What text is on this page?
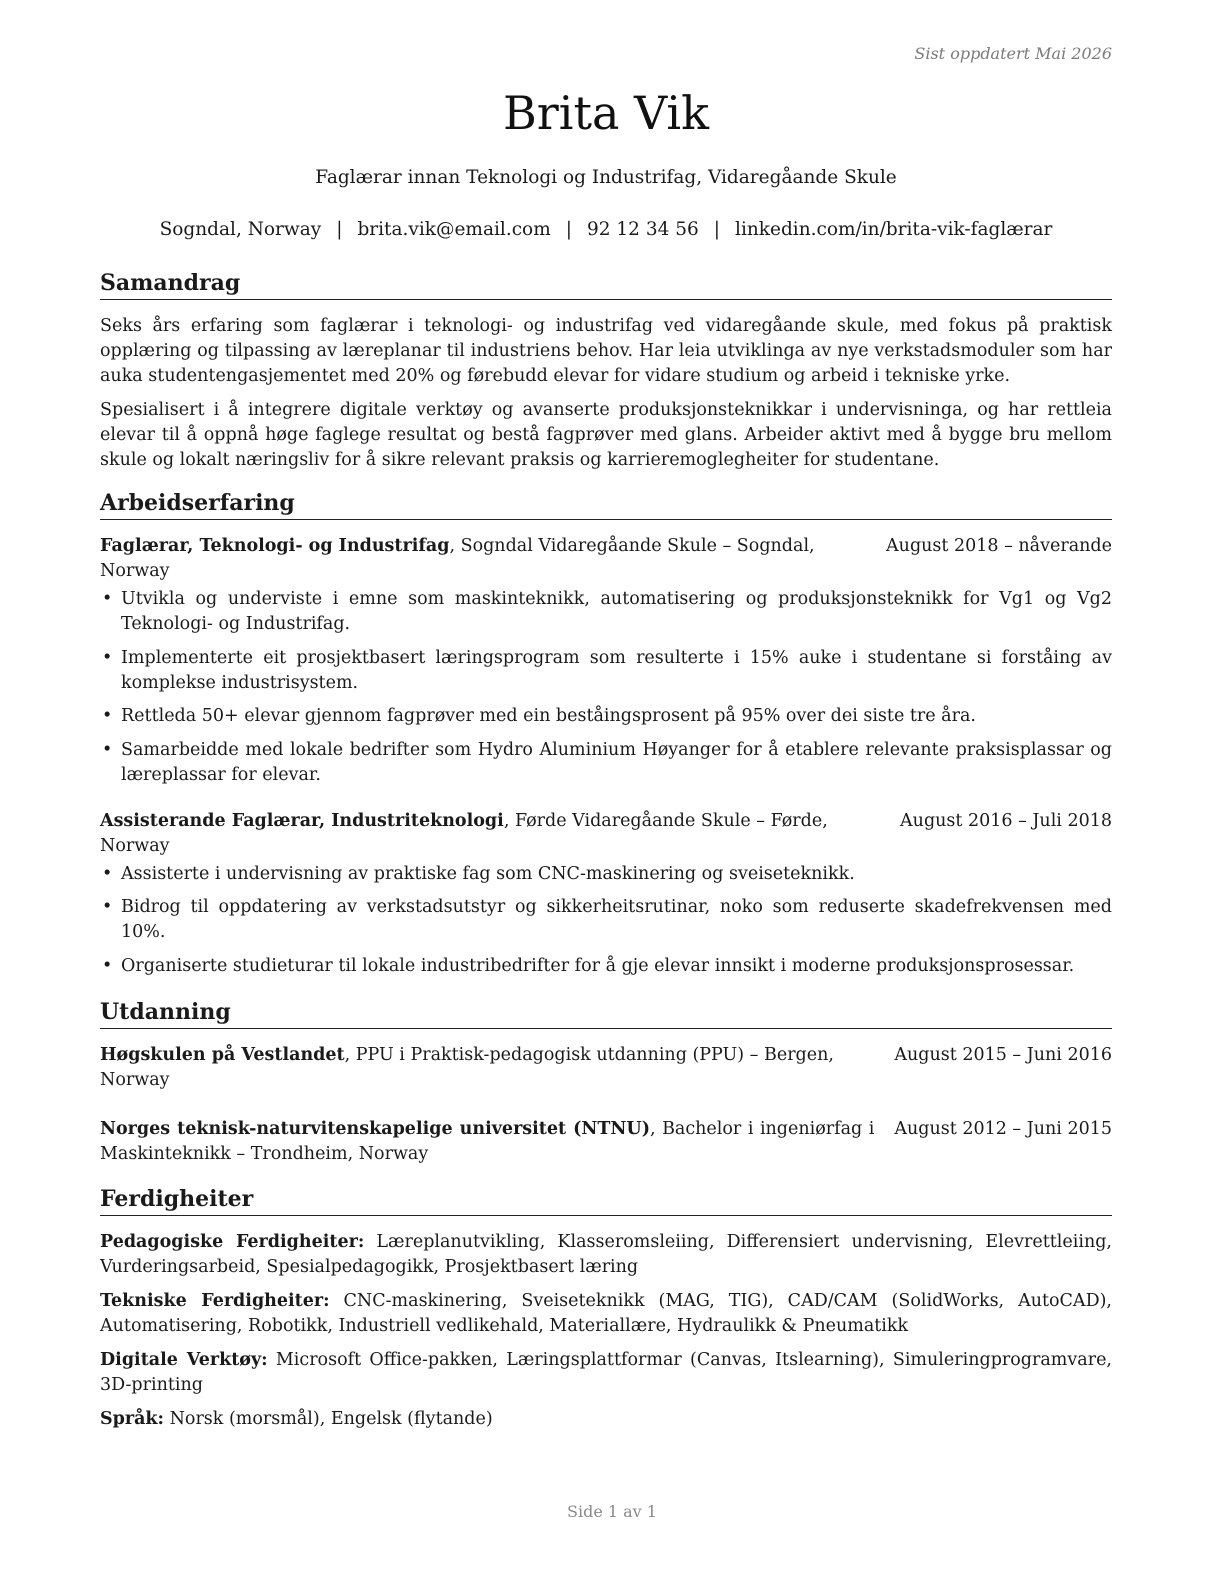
Sist oppdatert Mai 2026
Brita Vik
Faglærar innan Teknologi og Industrifag, Vidaregåande Skule
Sogndal, Norway | brita.vik@email.com | 92 12 34 56 | linkedin.com/in/brita-vik-faglærar
Samandrag

Seks års erfaring som faglærar i teknologi- og industrifag ved vidaregåande skule, med fokus på praktisk opplæring og tilpassing av læreplanar til industriens behov. Har leia utviklinga av nye verkstadsmoduler som har auka studentengasjementet med 20% og førebudd elevar for vidare studium og arbeid i tekniske yrke.

Spesialisert i å integrere digitale verktøy og avanserte produksjonsteknikkar i undervisninga, og har rettleia elevar til å oppnå høge faglege resultat og bestå fagprøver med glans. Arbeider aktivt med å bygge bru mellom skule og lokalt næringsliv for å sikre relevant praksis og karrieremoglegheiter for studentane.

Arbeidserfaring
Faglærar, Teknologi- og Industrifag, Sogndal Vidaregåande Skule – Sogndal, Norway
August 2018 – nåverande
• Utvikla og underviste i emne som maskinteknikk, automatisering og produksjonsteknikk for Vg1 og Vg2 Teknologi- og Industrifag.
• Implementerte eit prosjektbasert læringsprogram som resulterte i 15% auke i studentane si forståing av komplekse industrisystem.
• Rettleda 50+ elevar gjennom fagprøver med ein beståingsprosent på 95% over dei siste tre åra.
• Samarbeidde med lokale bedrifter som Hydro Aluminium Høyanger for å etablere relevante praksisplassar og læreplassar for elevar.
Assisterande Faglærar, Industriteknologi, Førde Vidaregåande Skule – Førde, Norway
August 2016 – Juli 2018
• Assisterte i undervisning av praktiske fag som CNC-maskinering og sveiseteknikk.
• Bidrog til oppdatering av verkstadsutstyr og sikkerheitsrutinar, noko som reduserte skadefrekvensen med 10%.
• Organiserte studieturar til lokale industribedrifter for å gje elevar innsikt i moderne produksjonsprosessar.
Utdanning
Høgskulen på Vestlandet, PPU i Praktisk-pedagogisk utdanning (PPU) – Bergen, Norway
August 2015 – Juni 2016
Norges teknisk-naturvitenskapelige universitet (NTNU), Bachelor i ingeniørfag i Maskinteknikk – Trondheim, Norway
August 2012 – Juni 2015
Ferdigheiter

Pedagogiske Ferdigheiter: Læreplanutvikling, Klasseromsleiing, Differensiert undervisning, Elevrettleiing, Vurderingsarbeid, Spesialpedagogikk, Prosjektbasert læring

Tekniske Ferdigheiter: CNC-maskinering, Sveiseteknikk (MAG, TIG), CAD/CAM (SolidWorks, AutoCAD), Automatisering, Robotikk, Industriell vedlikehald, Materiallære, Hydraulikk & Pneumatikk

Digitale Verktøy: Microsoft Office-pakken, Læringsplattformar (Canvas, Itslearning), Simuleringprogramvare, 3D-printing

Språk: Norsk (morsmål), Engelsk (flytande)

Side 1 av 1
